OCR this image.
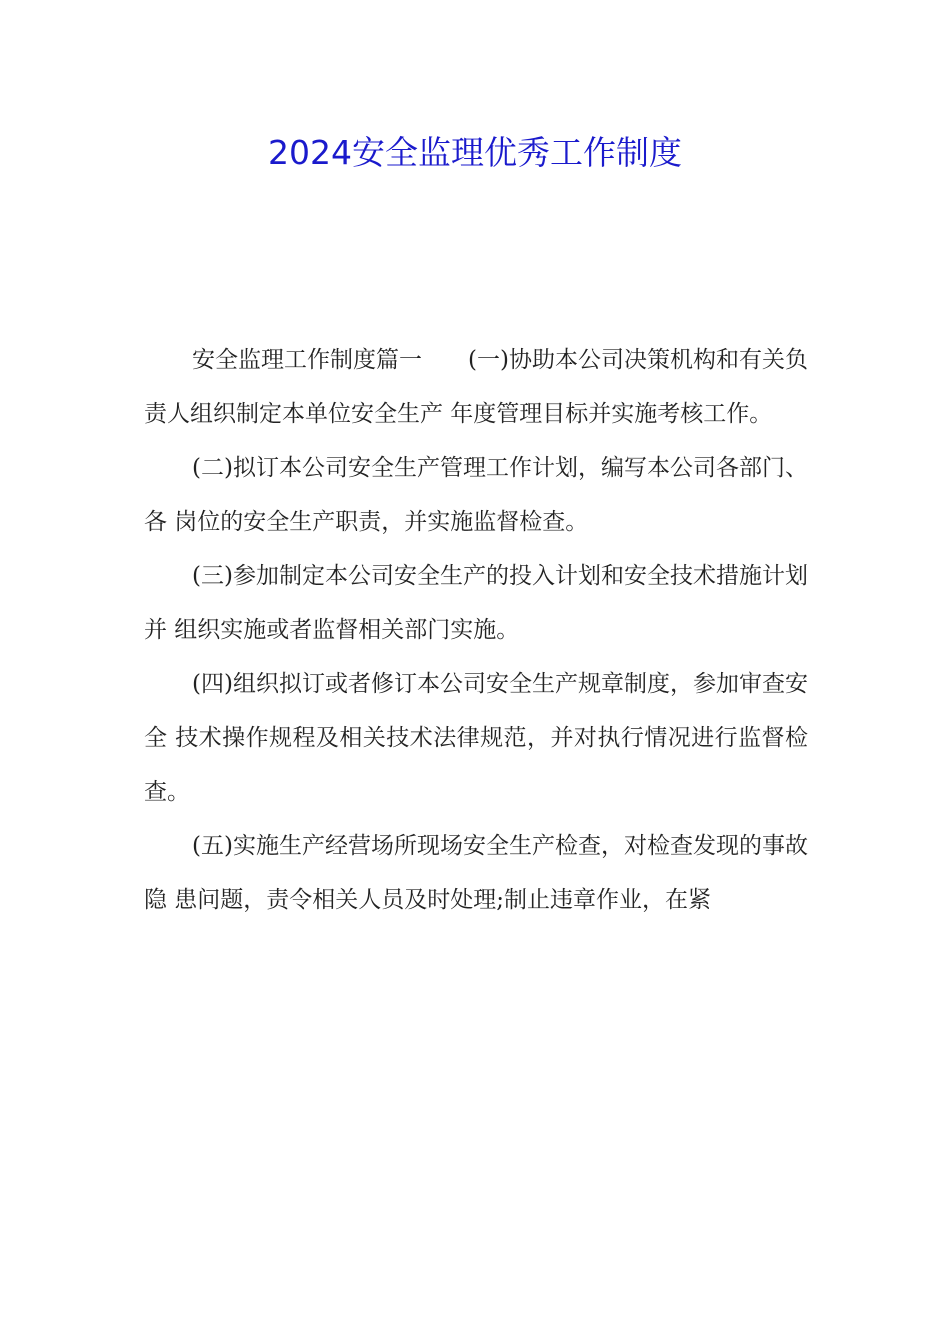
2024安全监理优秀工作制度

安全监理工作制度篇一　　(一)协助本公司决策机构和有关负责人组织制定本单位安全生产 年度管理目标并实施考核工作。

(二)拟订本公司安全生产管理工作计划，编写本公司各部门、各 岗位的安全生产职责，并实施监督检查。

(三)参加制定本公司安全生产的投入计划和安全技术措施计划并 组织实施或者监督相关部门实施。

(四)组织拟订或者修订本公司安全生产规章制度，参加审查安全 技术操作规程及相关技术法律规范，并对执行情况进行监督检查。

(五)实施生产经营场所现场安全生产检查，对检查发现的事故隐 患问题，责令相关人员及时处理;制止违章作业，在紧
